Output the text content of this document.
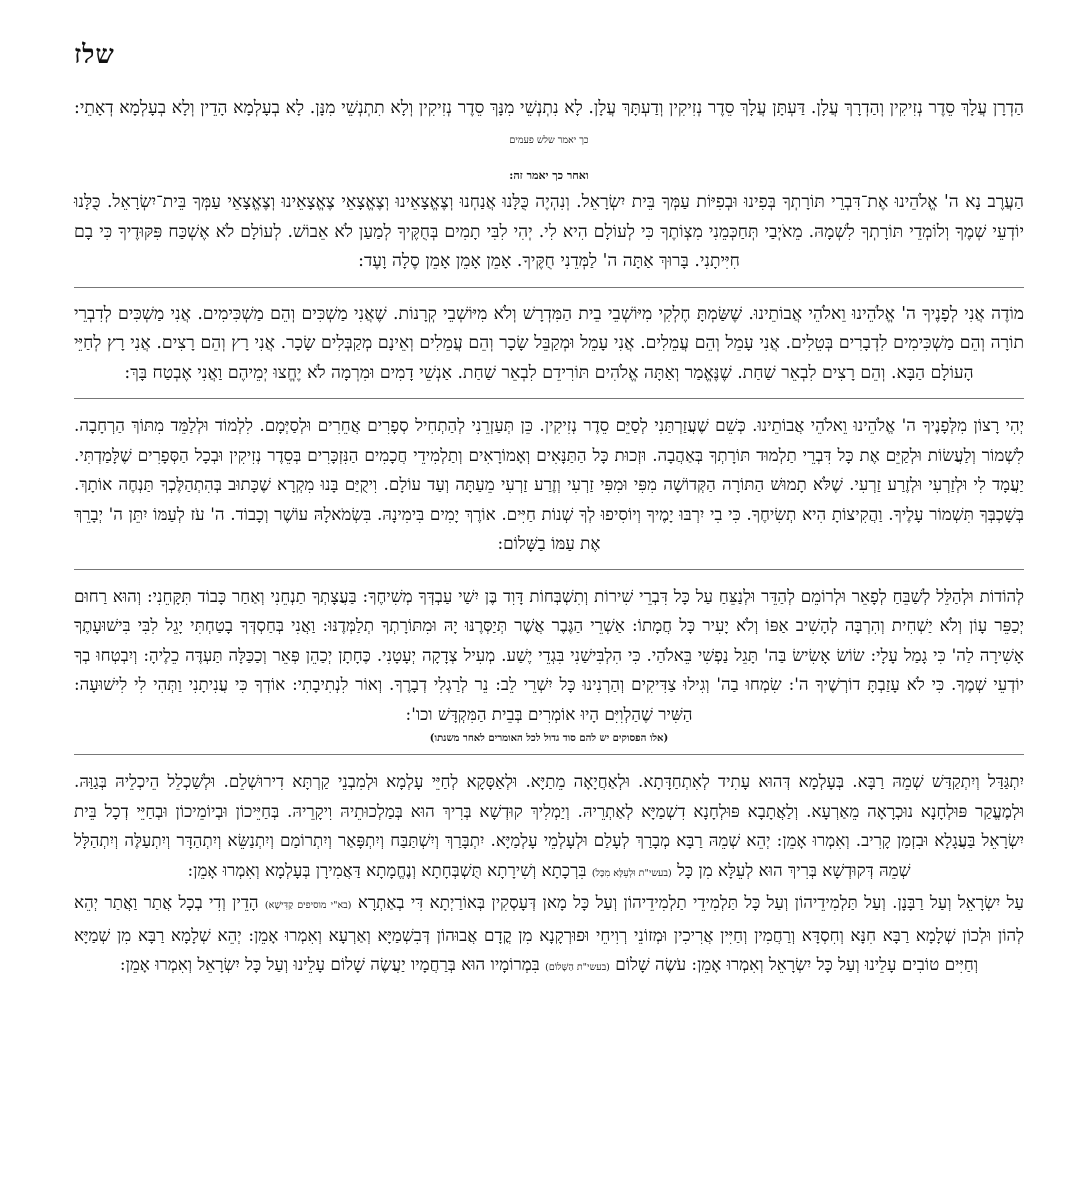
שלז

הַדְרָן עֲלָךְ סֵדֶר נְזִיקִין וְהַדְרָךְ עֲלָן. דַּעְתָּן עֲלָךְ סֵדֶר נְזִיקִין וְדַעְתָּךְ עֲלָן. לָא נִתְנְשֵׁי מִנָּךְ סֵדֶר נְזִיקִין וְלָא תִתְנְשֵׁי מִנָּן. לָא בְעָלְמָא הָדֵין וְלָא בְעָלְמָא דְאָתֵי: כך יאמר שלש פעמים

ואחר כך יאמר זה:

הַעֲרֶב נָא ה' אֱלֹהֵינוּ אֶת־דִּבְרֵי תּוֹרָתְךָ בְּפִינוּ וּבְפִיּוֹת עַמְּךָ בֵּית יִשְׂרָאֵל. וְנִהְיֶה כֻּלָּנוּ אֲנַחְנוּ וְצֶאֱצָאֵינוּ וְצֶאֱצָאֵי צֶאֱצָאֵינוּ וְצֶאֱצָאֵי עַמְּךָ בֵּית־יִשְׂרָאֵל. כֻּלָּנוּ יוֹדְעֵי שְׁמֶךָ וְלוֹמְדֵי תּוֹרָתְךָ לִשְׁמָהּ. מֵאֹיְבַי תְּחַכְּמֵנִי מִצְוֹתֶךָ כִּי לְעוֹלָם הִיא לִי. יְהִי לִבִּי תָמִים בְּחֻקֶּיךָ לְמַעַן לֹא אֵבוֹשׁ. לְעוֹלָם לֹא אֶשְׁכַּח פִּקּוּדֶיךָ כִּי בָם חִיִּיתָנִי. בָּרוּךְ אַתָּה ה' לַמְּדֵנִי חֻקֶּיךָ. אָמֵן אָמֵן אָמֵן סֶלָה וָעֶד:

מוֹדֶה אֲנִי לְפָנֶיךָ ה' אֱלֹהֵינוּ וֵאלֹהֵי אֲבוֹתֵינוּ. שֶׁשַּׂמְתָּ חֶלְקִי מִיּוֹשְׁבֵי בֵית הַמִּדְרָשׁ וְלֹא מִיּוֹשְׁבֵי קְרָנוֹת. שֶׁאֲנִי מַשְׁכִּים וְהֵם מַשְׁכִּימִים. אֲנִי מַשְׁכִּים לְדִבְרֵי תוֹרָה וְהֵם מַשְׁכִּימִים לִדְבָרִים בְּטֵלִים. אֲנִי עָמֵל וְהֵם עֲמֵלִים. אֲנִי עָמֵל וּמְקַבֵּל שָׂכָר וְהֵם עֲמֵלִים וְאֵינָם מְקַבְּלִים שָׂכָר. אֲנִי רָץ וְהֵם רָצִים. אֲנִי רָץ לְחַיֵּי הָעוֹלָם הַבָּא. וְהֵם רָצִים לִבְאֵר שַׁחַת. שֶׁנֶּאֱמַר וְאַתָּה אֱלֹהִים תּוֹרִידֵם לִבְאֵר שַׁחַת. אַנְשֵׁי דָמִים וּמִרְמָה לֹא יֶחֱצוּ יְמֵיהֶם וַאֲנִי אֶבְטַח בָּךְ:

יְהִי רָצוֹן מִלְּפָנֶיךָ ה' אֱלֹהֵינוּ וֵאלֹהֵי אֲבוֹתֵינוּ. כְּשֵׁם שֶׁעֲזַרְתַּנִי לְסַיֵּם סֵדֶר נְזִיקִין. כֵּן תְּעַזְרֵנִי לְהַתְחִיל סְפָרִים אֲחֵרִים וּלְסַיְּמָם. לִלְמוֹד וּלְלַמֵּד מִתּוֹךְ הַרְחָבָה. לִשְׁמוֹר וְלַעֲשׂוֹת וּלְקַיֵּם אֶת כָּל דִּבְרֵי תַלְמוּד תּוֹרָתְךָ בְּאַהֲבָה. וּזְכוּת כָּל הַתַּנָּאִים וְאָמוֹרָאִים וְתַלְמִידֵי חֲכָמִים הַנִּזְכָּרִים בְּסֵדֶר נְזִיקִין וּבְכָל הַסְּפָרִים שֶׁלָּמַדְתִּי. יַעֲמָד לִי וּלְזַרְעִי וּלְזֶרַע זַרְעִי. שֶׁלֹּא תָמוּשׁ הַתּוֹרָה הַקְּדוֹשָׁה מִפִּי וּמִפִּי זַרְעִי וְזֶרַע זַרְעִי מֵעַתָּה וְעַד עוֹלָם. וִיקֻיַּם בָּנוּ מִקְרָא שֶׁכָּתוּב בְּהִתְהַלֶּכְךָ תַּנְחֶה אוֹתָךְ. בְּשָׁכְבְּךָ תִּשְׁמוֹר עָלֶיךָ. וַהֲקִיצוֹתָ הִיא תְשִׂיחֶךָ. כִּי בִי יִרְבּוּ יָמֶיךָ וְיוֹסִיפוּ לְךָ שְׁנוֹת חַיִּים. אוֹרֶךְ יָמִים בִּימִינָהּ. בִּשְׂמֹאלָהּ עוֹשֶׁר וְכָבוֹד. ה' עֹז לְעַמּוֹ יִתֵּן ה' יְבָרֵךְ אֶת עַמּוֹ בַשָּׁלוֹם:

לְהוֹדוֹת וּלְהַלֵּל לְשַׁבֵּחַ לְפָאֵר וּלְרוֹמֵם לְהַדֵּר וּלְנַצֵּחַ עַל כָּל דִּבְרֵי שִׁירוֹת וְתִשְׁבְּחוֹת דָּוִד בֶּן יִשַׁי עַבְדְּךָ מְשִׁיחֶךָ: בַּעֲצָתְךָ תַנְחֵנִי וְאַחַר כָּבוֹד תִּקָּחֵנִי: וְהוּא רַחוּם יְכַפֵּר עָוֹן וְלֹא יַשְׁחִית וְהִרְבָּה לְהָשִׁיב אַפּוֹ וְלֹא יָעִיר כָּל חֲמָתוֹ: אַשְׁרֵי הַגֶּבֶר אֲשֶׁר תְּיַסְּרֶנּוּ יָהּ וּמִתּוֹרָתְךָ תְלַמְּדֶנּוּ: וַאֲנִי בְּחַסְדְּךָ בָטַחְתִּי יָגֵל לִבִּי בִּישׁוּעָתֶךָ אָשִׁירָה לַה' כִּי גָמַל עָלָי: שׂוֹשׂ אָשִׂישׂ בַּה' תָּגֵל נַפְשִׁי בֵּאלֹהַי. כִּי הִלְבִּישַׁנִי בִּגְדֵי יֶשַׁע. מְעִיל צְדָקָה יְעָטָנִי. כֶּחָתָן יְכַהֵן פְּאֵר וְכַכַּלָּה תַּעְדֶּה כֵלֶיהָ: וְיִבְטְחוּ בְךָ יוֹדְעֵי שְׁמֶךָ. כִּי לֹא עָזַבְתָּ דוֹרְשֶׁיךָ ה': שִׂמְחוּ בַה' וְגִילוּ צַדִּיקִים וְהַרְנִינוּ כָּל יִשְׁרֵי לֵב: נֵר לְרַגְלִי דְבָרֶךָ. וְאוֹר לִנְתִיבָתִי: אוֹדְךָ כִּי עֲנִיתָנִי וַתְּהִי לִי לִישׁוּעָה: הַשִּׁיר שֶׁהַלְוִיִּם הָיוּ אוֹמְרִים בְּבֵית הַמִּקְדָּשׁ וכו':

(אלו הפסוקים יש להם סוד גדול לכל האומרים לאחר משנתו)

יִתְגַּדַּל וְיִתְקַדַּשׁ שְׁמֵהּ רַבָּא. בְּעָלְמָא דְּהוּא עָתִיד לְאִתְחַדָּתָא. וּלְאַחֲיָאָה מֵתַיָּא. וּלְאַסָּקָא לְחַיֵּי עָלְמָא וּלְמִבְנֵי קַרְתָּא דִירוּשְׁלֵם. וּלְשַׁכְלֵל הֵיכְלֵיהּ בְּגַוַּהּ. וּלְמֶעֱקַר פּוּלְחָנָא נוּכְרָאָה מֵאַרְעָא. וְלַאֲתָבָא פּוּלְחָנָא דִשְׁמַיָּא לְאַתְרֵיהּ. וְיַמְלִיךְ קוּדְשָׁא בְּרִיךְ הוּא בְּמַלְכוּתֵיהּ וִיקָרֵיהּ. בְּחַיֵּיכוֹן וּבְיוֹמֵיכוֹן וּבְחַיֵּי דְכָל בֵּית יִשְׂרָאֵל בַּעֲגָלָא וּבִזְמַן קָרִיב. וְאִמְרוּ אָמֵן: יְהֵא שְׁמֵהּ רַבָּא מְבָרַךְ לְעָלַם וּלְעָלְמֵי עָלְמַיָּא. יִתְבָּרַךְ וְיִשְׁתַּבַּח וְיִתְפָּאַר וְיִתְרוֹמַם וְיִתְנַשֵּׂא וְיִתְהַדָּר וְיִתְעַלֶּה וְיִתְהַלָּל שְׁמֵהּ דְּקוּדְשָׁא בְּרִיךְ הוּא לְעֵלָּא מִן כָּל (בעשי"ת וּלְעֵלָּא מִכָּל) בִּרְכָתָא וְשִׁירָתָא תֻּשְׁבְּחָתָא וְנֶחֱמָתָא דַּאֲמִירָן בְּעָלְמָא וְאִמְרוּ אָמֵן:

עַל יִשְׂרָאֵל וְעַל רַבָּנָן. וְעַל תַּלְמִידֵיהוֹן וְעַל כָּל תַּלְמִידֵי תַלְמִידֵיהוֹן וְעַל כָּל מָאן דְּעָסְקִין בְּאוֹרַיְתָא דִּי בְאַתְרָא (בא"י מוסיפים קַדִּישָׁא) הָדֵין וְדִי בְכָל אֲתַר וַאֲתַר יְהֵא לְהוֹן וּלְכוֹן שְׁלָמָא רַבָּא חִנָּא וְחִסְדָּא וְרַחֲמִין וְחַיִּין אֲרִיכִין וּמְזוֹנֵי רְוִיחֵי וּפוּרְקָנָא מִן קֳדָם אֲבוּהוֹן דְּבִשְׁמַיָּא וְאַרְעָא וְאִמְרוּ אָמֵן: יְהֵא שְׁלָמָא רַבָּא מִן שְׁמַיָּא וְחַיִּים טוֹבִים עָלֵינוּ וְעַל כָּל יִשְׂרָאֵל וְאִמְרוּ אָמֵן: עֹשֶׂה שָׁלוֹם (בעשי"ת הַשָּׁלוֹם) בִּמְרוֹמָיו הוּא בְּרַחֲמָיו יַעֲשֶׂה שָׁלוֹם עָלֵינוּ וְעַל כָּל יִשְׂרָאֵל וְאִמְרוּ אָמֵן:
